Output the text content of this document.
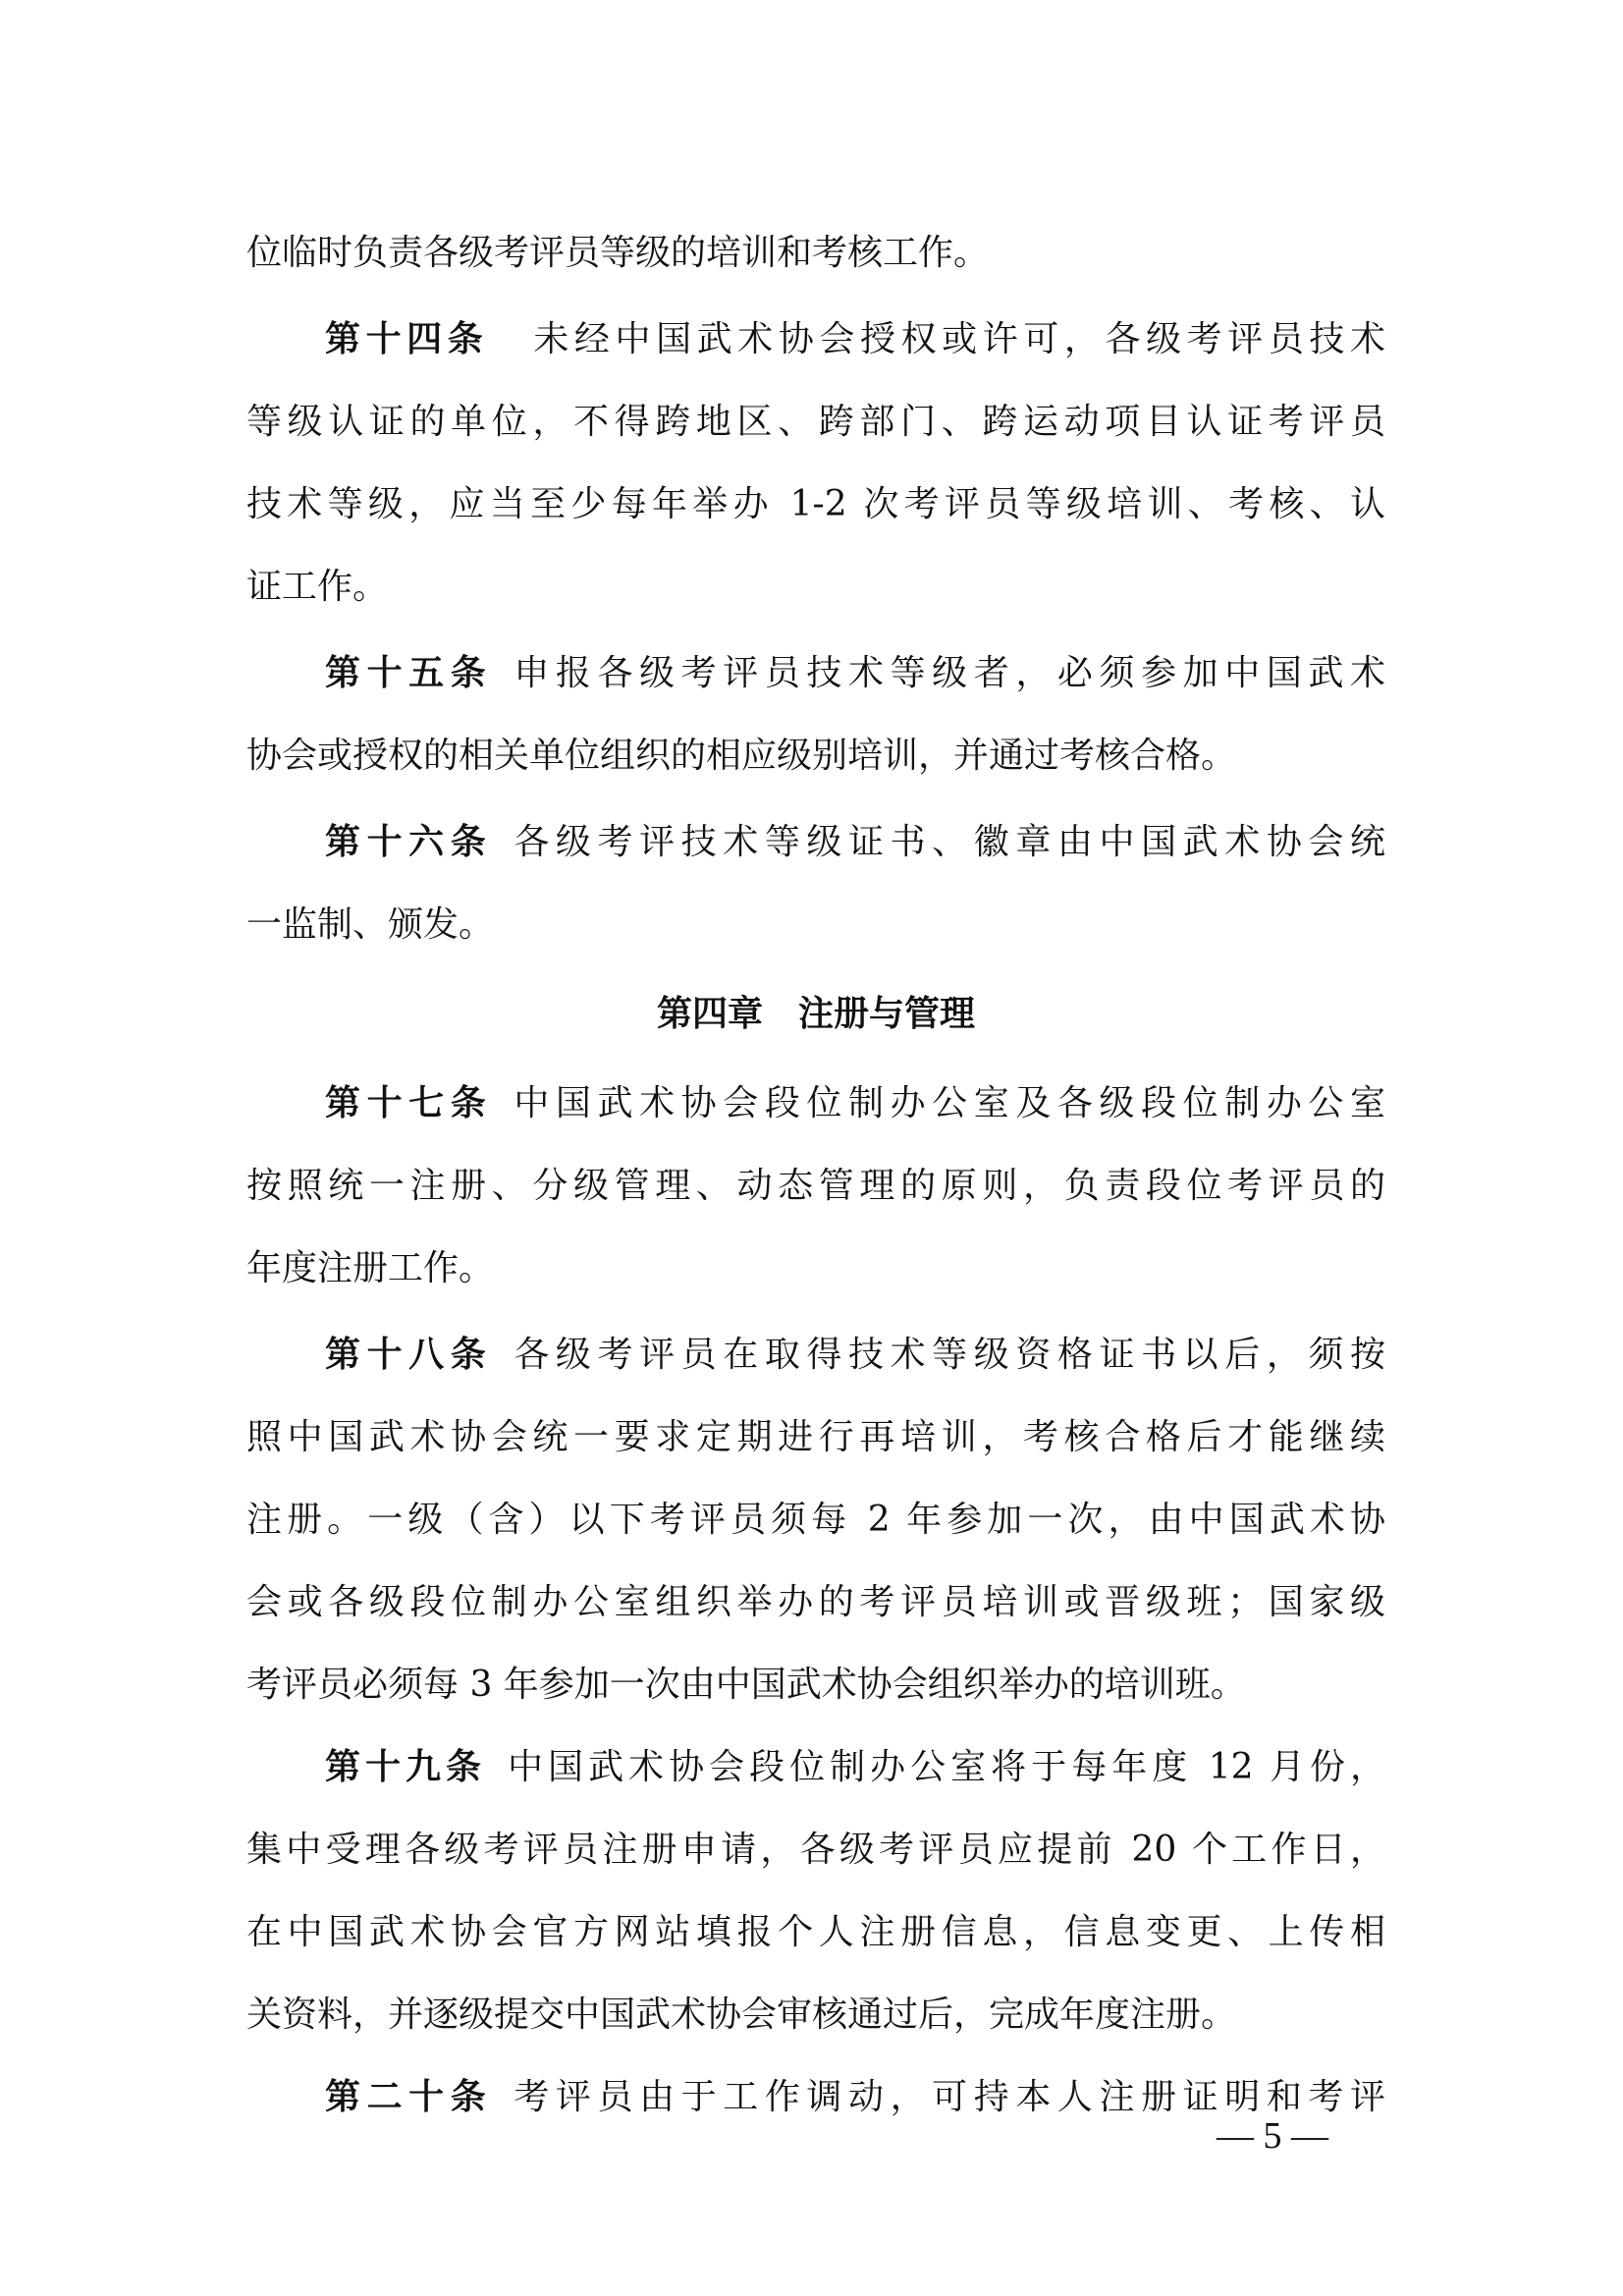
位临时负责各级考评员等级的培训和考核工作。
第十四条 未经中国武术协会授权或许可，各级考评员技术
等级认证的单位，不得跨地区、跨部门、跨运动项目认证考评员
技术等级，应当至少每年举办 1-2 次考评员等级培训、考核、认
证工作。
第十五条 申报各级考评员技术等级者，必须参加中国武术
协会或授权的相关单位组织的相应级别培训，并通过考核合格。
第十六条 各级考评技术等级证书、徽章由中国武术协会统
一监制、颁发。
第四章　注册与管理
第十七条 中国武术协会段位制办公室及各级段位制办公室
按照统一注册、分级管理、动态管理的原则，负责段位考评员的
年度注册工作。
第十八条 各级考评员在取得技术等级资格证书以后，须按
照中国武术协会统一要求定期进行再培训，考核合格后才能继续
注册。一级（含）以下考评员须每 2 年参加一次，由中国武术协
会或各级段位制办公室组织举办的考评员培训或晋级班；国家级
考评员必须每 3 年参加一次由中国武术协会组织举办的培训班。
第十九条 中国武术协会段位制办公室将于每年度 12 月份，
集中受理各级考评员注册申请，各级考评员应提前 20 个工作日，
在中国武术协会官方网站填报个人注册信息，信息变更、上传相
关资料，并逐级提交中国武术协会审核通过后，完成年度注册。
第二十条 考评员由于工作调动，可持本人注册证明和考评
— 5 —
